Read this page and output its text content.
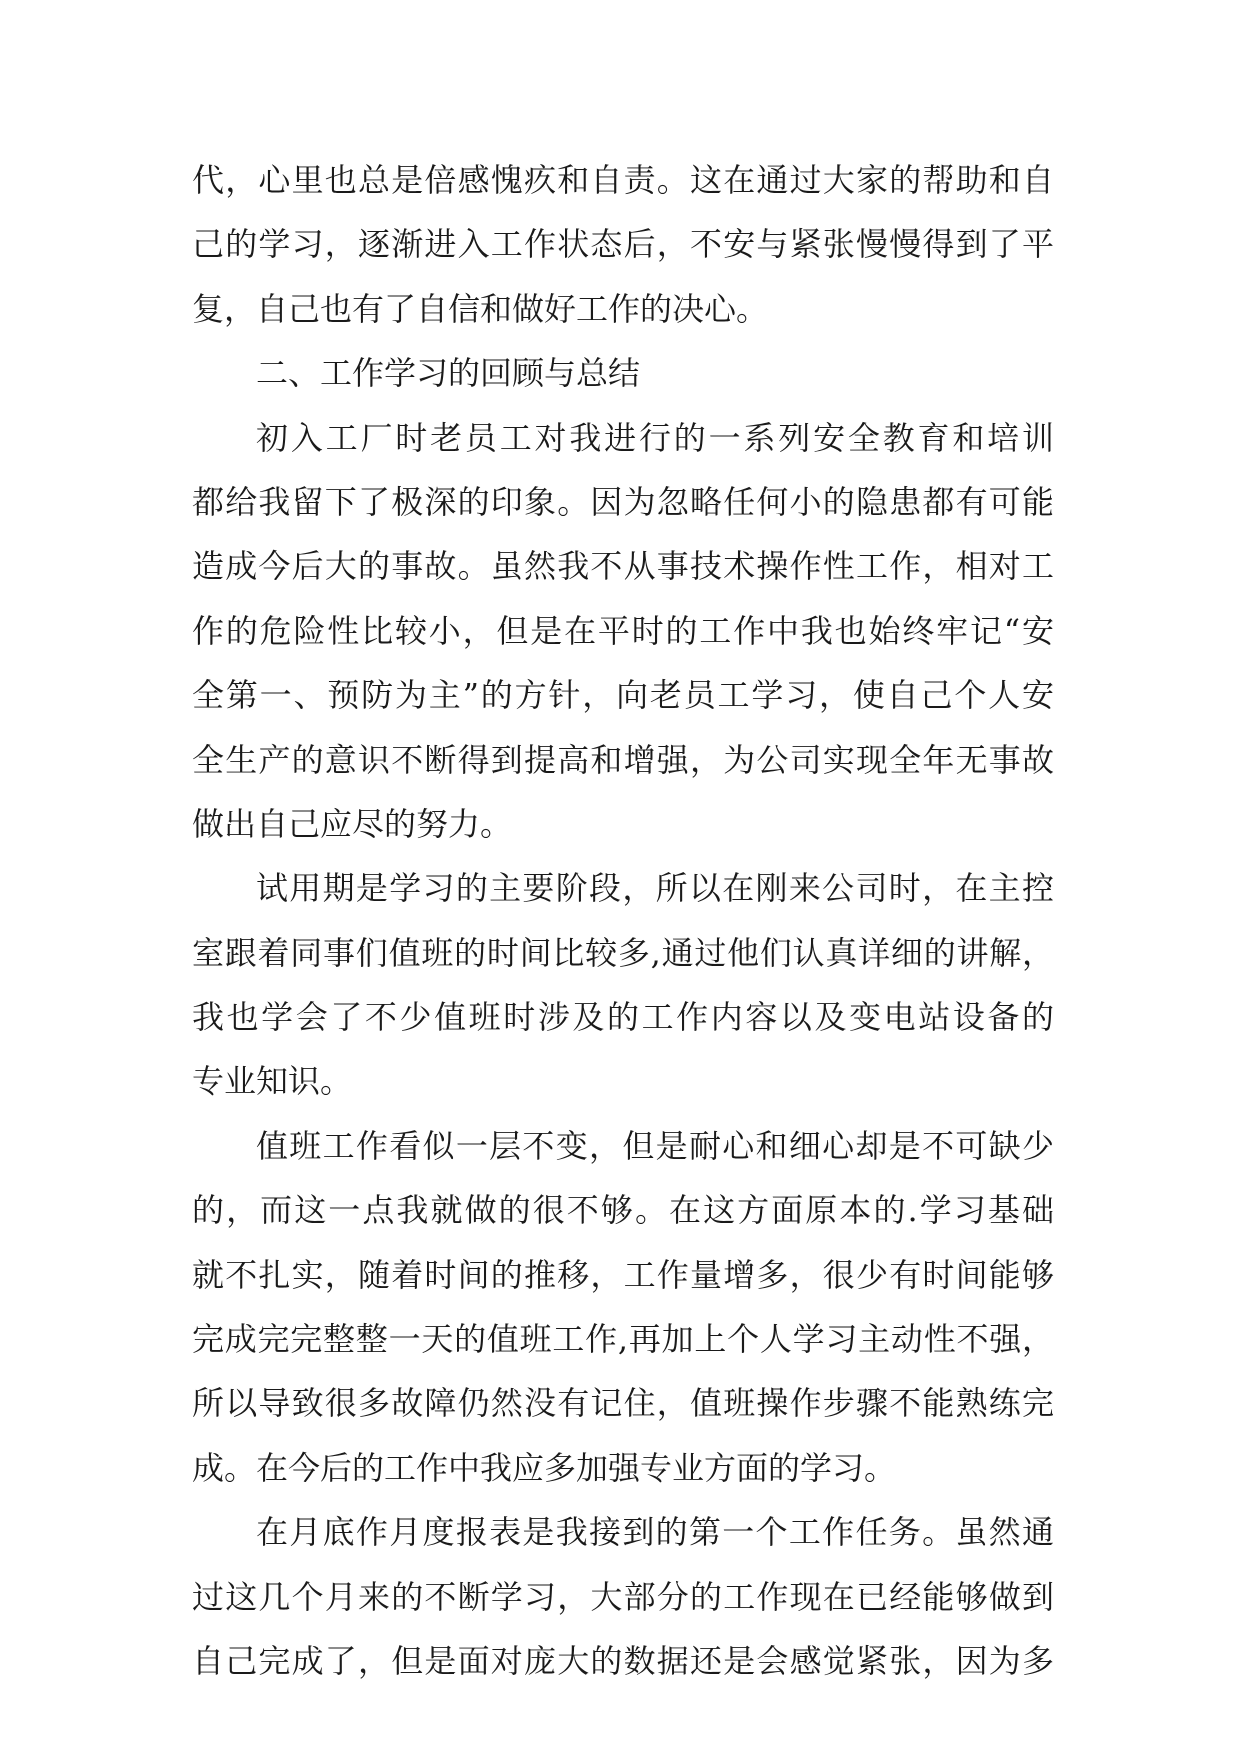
代，心里也总是倍感愧疚和自责。这在通过大家的帮助和自
己的学习，逐渐进入工作状态后，不安与紧张慢慢得到了平
复，自己也有了自信和做好工作的决心。
二、工作学习的回顾与总结
初入工厂时老员工对我进行的一系列安全教育和培训
都给我留下了极深的印象。因为忽略任何小的隐患都有可能
造成今后大的事故。虽然我不从事技术操作性工作，相对工
作的危险性比较小，但是在平时的工作中我也始终牢记“安
全第一、预防为主”的方针，向老员工学习，使自己个人安
全生产的意识不断得到提高和增强，为公司实现全年无事故
做出自己应尽的努力。
试用期是学习的主要阶段，所以在刚来公司时，在主控
室跟着同事们值班的时间比较多,通过他们认真详细的讲解，
我也学会了不少值班时涉及的工作内容以及变电站设备的
专业知识。
值班工作看似一层不变，但是耐心和细心却是不可缺少
的，而这一点我就做的很不够。在这方面原本的.学习基础
就不扎实，随着时间的推移，工作量增多，很少有时间能够
完成完完整整一天的值班工作,再加上个人学习主动性不强，
所以导致很多故障仍然没有记住，值班操作步骤不能熟练完
成。在今后的工作中我应多加强专业方面的学习。
在月底作月度报表是我接到的第一个工作任务。虽然通
过这几个月来的不断学习，大部分的工作现在已经能够做到
自己完成了，但是面对庞大的数据还是会感觉紧张，因为多
